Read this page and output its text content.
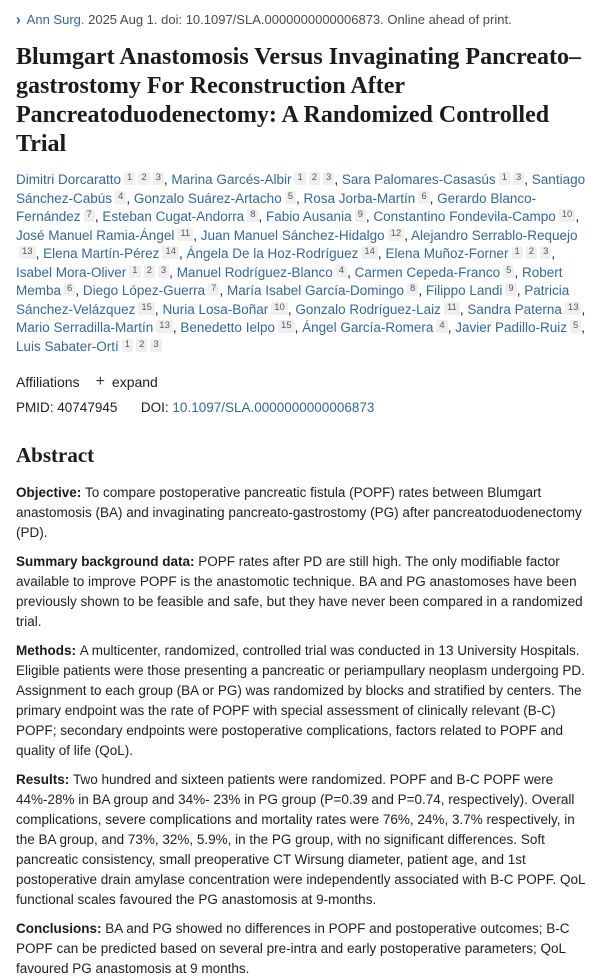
› Ann Surg. 2025 Aug 1. doi: 10.1097/SLA.0000000000006873. Online ahead of print.
Blumgart Anastomosis Versus Invaginating Pancreato–gastrostomy For Reconstruction After Pancreatoduodenectomy: A Randomized Controlled Trial
Dimitri Dorcaratto 1 2 3 , Marina Garcés-Albir 1 2 3 , Sara Palomares-Casasús 1 3 , Santiago Sánchez-Cabús 4 , Gonzalo Suárez-Artacho 5 , Rosa Jorba-Martín 6 , Gerardo Blanco-Fernández 7 , Esteban Cugat-Andorra 8 , Fabio Ausania 9 , Constantino Fondevila-Campo 10 , José Manuel Ramia-Ángel 11 , Juan Manuel Sánchez-Hidalgo 12 , Alejandro Serrablo-Requejo13 , Elena Martín-Pérez 14 , Ángela De la Hoz-Rodríguez 14 , Elena Muñoz-Forner 1 2 3 , Isabel Mora-Oliver 1 2 3 , Manuel Rodríguez-Blanco 4 , Carmen Cepeda-Franco 5 , Robert Memba 6 , Diego López-Guerra 7 , María Isabel García-Domingo 8 , Filippo Landi 9 , Patricia Sánchez-Velázquez 15 , Nuria Losa-Boñar 10 , Gonzalo Rodríguez-Laiz 11 , Sandra Paterna 13 , Mario Serradilla-Martín 13 , Benedetto Ielpo 15 , Ángel García-Romera 4 , Javier Padillo-Ruiz 5 , Luis Sabater-Ortí 1 2 3
Affiliations + expand
PMID: 40747945 DOI: 10.1097/SLA.0000000000006873
Abstract

Objective: To compare postoperative pancreatic fistula (POPF) rates between Blumgart anastomosis (BA) and invaginating pancreato-gastrostomy (PG) after pancreatoduodenectomy (PD).

Summary background data: POPF rates after PD are still high. The only modifiable factor available to improve POPF is the anastomotic technique. BA and PG anastomoses have been previously shown to be feasible and safe, but they have never been compared in a randomized trial.

Methods: A multicenter, randomized, controlled trial was conducted in 13 University Hospitals. Eligible patients were those presenting a pancreatic or periampullary neoplasm undergoing PD. Assignment to each group (BA or PG) was randomized by blocks and stratified by centers. The primary endpoint was the rate of POPF with special assessment of clinically relevant (B-C) POPF; secondary endpoints were postoperative complications, factors related to POPF and quality of life (QoL).

Results: Two hundred and sixteen patients were randomized. POPF and B-C POPF were 44%-28% in BA group and 34%- 23% in PG group (P=0.39 and P=0.74, respectively). Overall complications, severe complications and mortality rates were 76%, 24%, 3.7% respectively, in the BA group, and 73%, 32%, 5.9%, in the PG group, with no significant differences. Soft pancreatic consistency, small preoperative CT Wirsung diameter, patient age, and 1st postoperative drain amylase concentration were independently associated with B-C POPF. QoL functional scales favoured the PG anastomosis at 9-months.

Conclusions: BA and PG showed no differences in POPF and postoperative outcomes; B-C POPF can be predicted based on several pre-intra and early postoperative parameters; QoL favoured PG anastomosis at 9 months.
